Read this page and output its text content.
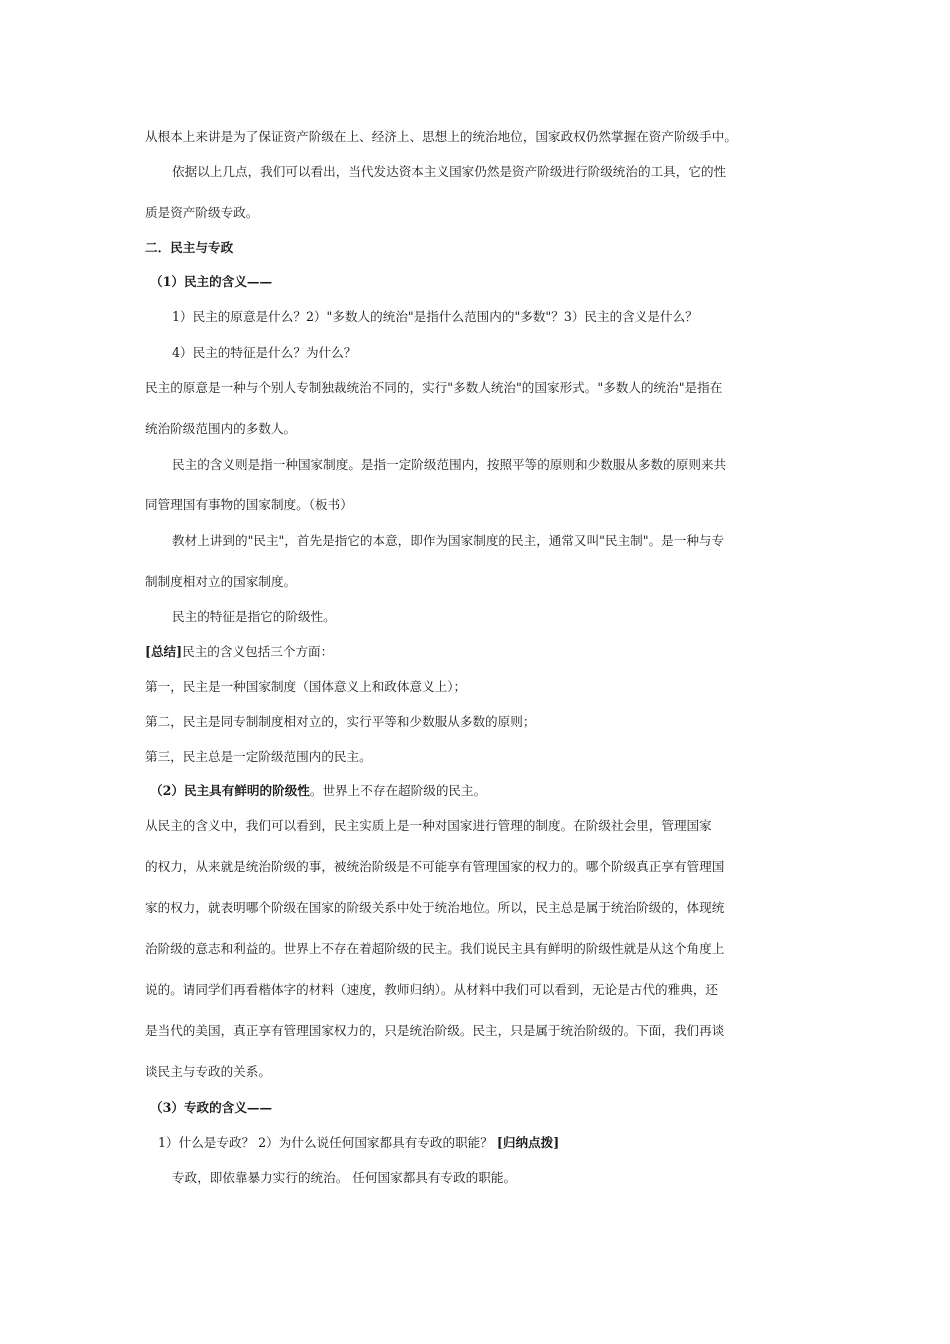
从根本上来讲是为了保证资产阶级在上、经济上、思想上的统治地位，国家政权仍然掌握在资产阶级手中。
依据以上几点，我们可以看出，当代发达资本主义国家仍然是资产阶级进行阶级统治的工具，它的性
质是资产阶级专政。
二．民主与专政
（1）民主的含义——
1）民主的原意是什么？2）"多数人的统治"是指什么范围内的"多数"？3）民主的含义是什么？
4）民主的特征是什么？为什么？
民主的原意是一种与个别人专制独裁统治不同的，实行"多数人统治"的国家形式。"多数人的统治"是指在
统治阶级范围内的多数人。
民主的含义则是指一种国家制度。是指一定阶级范围内，按照平等的原则和少数服从多数的原则来共
同管理国有事物的国家制度。（板书）
教材上讲到的"民主"，首先是指它的本意，即作为国家制度的民主，通常又叫"民主制"。是一种与专
制制度相对立的国家制度。
民主的特征是指它的阶级性。
[总结]民主的含义包括三个方面：
第一，民主是一种国家制度（国体意义上和政体意义上）；
第二，民主是同专制制度相对立的，实行平等和少数服从多数的原则；
第三，民主总是一定阶级范围内的民主。
（2）民主具有鲜明的阶级性。世界上不存在超阶级的民主。
从民主的含义中，我们可以看到，民主实质上是一种对国家进行管理的制度。在阶级社会里，管理国家
的权力，从来就是统治阶级的事，被统治阶级是不可能享有管理国家的权力的。哪个阶级真正享有管理国
家的权力，就表明哪个阶级在国家的阶级关系中处于统治地位。所以，民主总是属于统治阶级的，体现统
治阶级的意志和利益的。世界上不存在着超阶级的民主。我们说民主具有鲜明的阶级性就是从这个角度上
说的。请同学们再看楷体字的材料（速度，教师归纳）。从材料中我们可以看到，无论是古代的雅典，还
是当代的美国，真正享有管理国家权力的，只是统治阶级。民主，只是属于统治阶级的。下面，我们再谈
谈民主与专政的关系。
（3）专政的含义——
1）什么是专政？ 2）为什么说任何国家都具有专政的职能？ [归纳点拨]
专政，即依靠暴力实行的统治。 任何国家都具有专政的职能。
